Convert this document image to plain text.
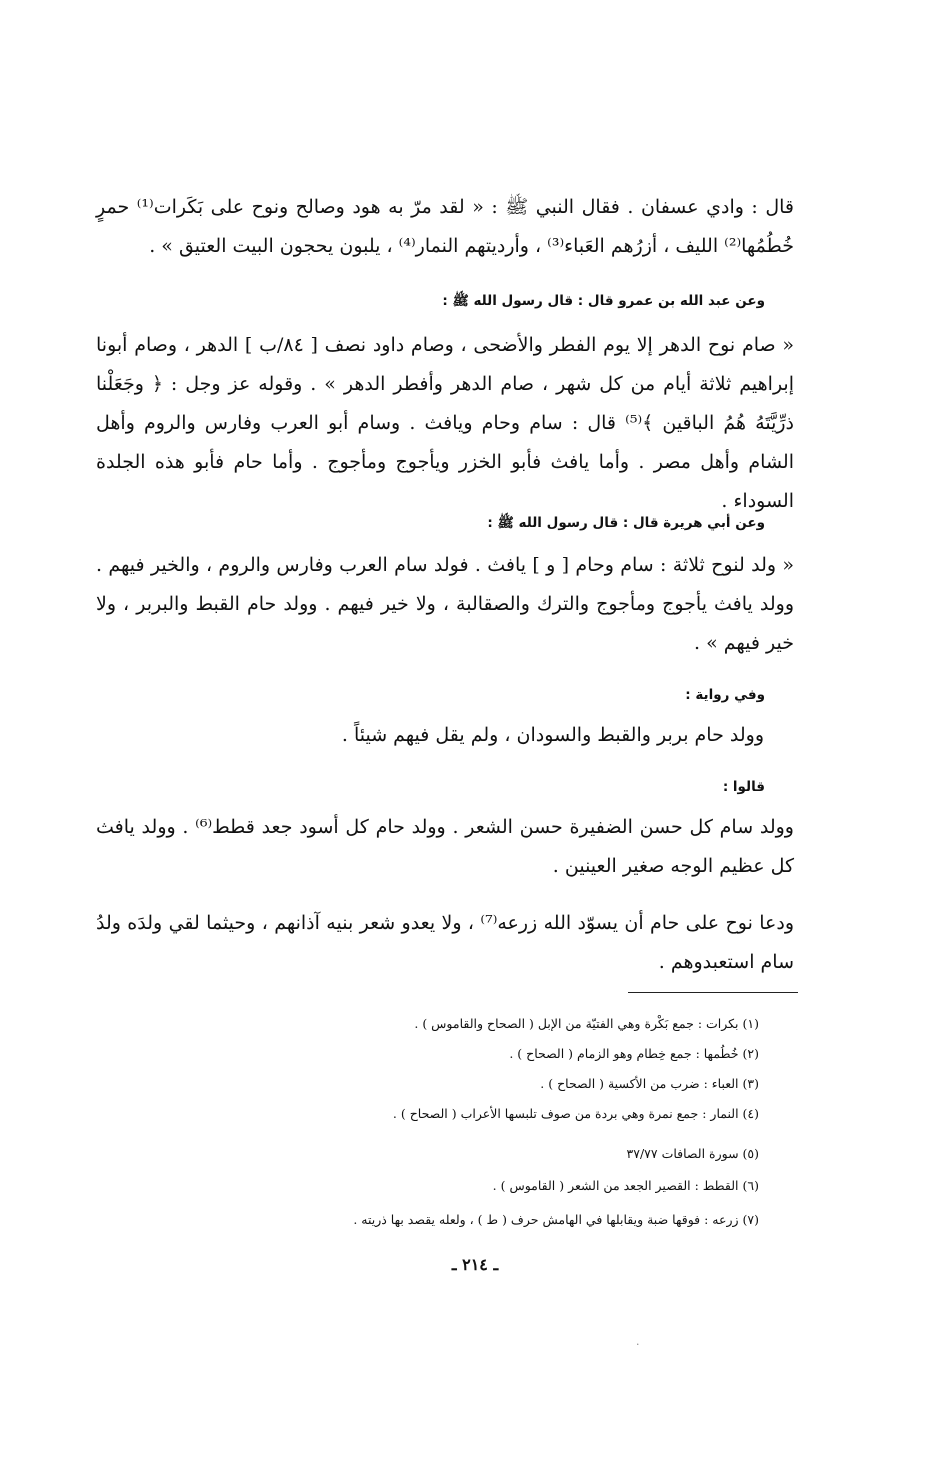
قال : وادي عسفان . فقال النبي ﷺ : « لقد مرّ به هود وصالح ونوح على بَكَرات⁽¹⁾ حمرٍ خُطُمُها⁽²⁾ الليف ، أزرُهم العَباء⁽³⁾ ، وأرديتهم النمار⁽⁴⁾ ، يلبون يحجون البيت العتيق » .
وعن عبد الله بن عمرو قال : قال رسول الله ﷺ :
« صام نوح الدهر إلا يوم الفطر والأضحى ، وصام داود نصف [ ٨٤/ب ] الدهر ، وصام أبونا إبراهيم ثلاثة أيام من كل شهر ، صام الدهر وأفطر الدهر » . وقوله عز وجل : ﴿ وجَعَلْنا ذرِّيَّتَهُ هُمُ الباقين ﴾⁽⁵⁾ قال : سام وحام ويافث . وسام أبو العرب وفارس والروم وأهل الشام وأهل مصر . وأما يافث فأبو الخزر ويأجوج ومأجوج . وأما حام فأبو هذه الجلدة السوداء .
وعن أبي هريرة قال : قال رسول الله ﷺ :
« ولد لنوح ثلاثة : سام وحام [ و ] يافث . فولد سام العرب وفارس والروم ، والخير فيهم . وولد يافث يأجوج ومأجوج والترك والصقالبة ، ولا خير فيهم . وولد حام القبط والبربر ، ولا خير فيهم » .
وفي رواية :
وولد حام بربر والقبط والسودان ، ولم يقل فيهم شيئاً .
قالوا :
وولد سام كل حسن الضفيرة حسن الشعر . وولد حام كل أسود جعد قطط⁽⁶⁾ . وولد يافث كل عظيم الوجه صغير العينين .
ودعا نوح على حام أن يسوّد الله زرعه⁽⁷⁾ ، ولا يعدو شعر بنيه آذانهم ، وحيثما لقي ولدَه ولدُ سام استعبدوهم .
(١) بكرات : جمع بَكْرة وهي الفتيّة من الإبل ( الصحاح والقاموس ) .
(٢) خُطُمها : جمع خِطام وهو الزمام ( الصحاح ) .
(٣) العباء : ضرب من الأكسية ( الصحاح ) .
(٤) النمار : جمع نمرة وهي بردة من صوف تلبسها الأعراب ( الصحاح ) .
(٥) سورة الصافات ٣٧/٧٧
(٦) القطط : القصير الجعد من الشعر ( القاموس ) .
(٧) زرعه : فوقها ضبة ويقابلها في الهامش حرف ( ط ) ، ولعله يقصد بها ذريته .
ـ ٢١٤ ـ
·
